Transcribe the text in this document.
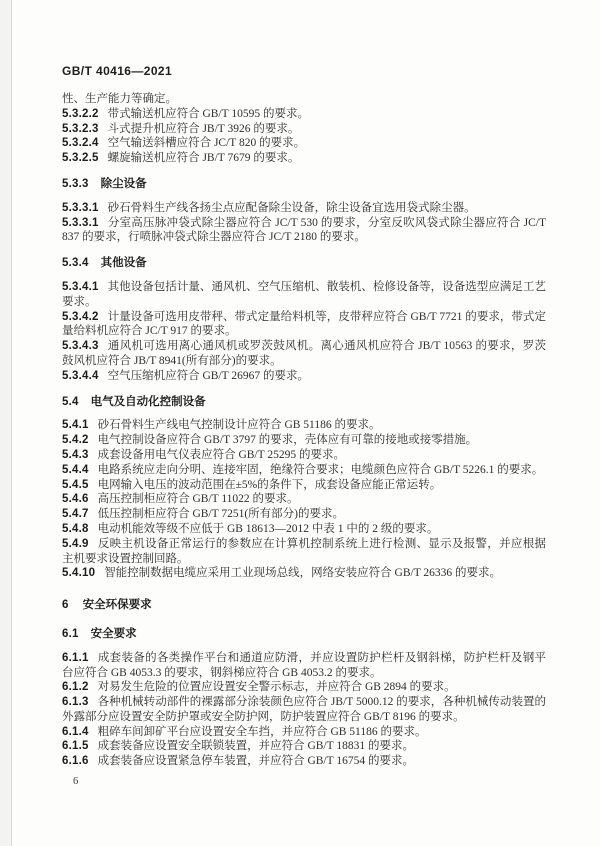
GB/T 40416—2021

性、生产能力等确定。

5.3.2.2 带式输送机应符合 GB/T 10595 的要求。

5.3.2.3 斗式提升机应符合 JB/T 3926 的要求。

5.3.2.4 空气输送斜槽应符合 JC/T 820 的要求。

5.3.2.5 螺旋输送机应符合 JB/T 7679 的要求。

5.3.3 除尘设备

5.3.3.1 砂石骨料生产线各扬尘点应配备除尘设备，除尘设备宜选用袋式除尘器。

5.3.3.1 分室高压脉冲袋式除尘器应符合 JC/T 530 的要求，分室反吹风袋式除尘器应符合 JC/T 837 的要求，行喷脉冲袋式除尘器应符合 JC/T 2180 的要求。

5.3.4 其他设备

5.3.4.1 其他设备包括计量、通风机、空气压缩机、散装机、检修设备等，设备选型应满足工艺要求。

5.3.4.2 计量设备可选用皮带秤、带式定量给料机等，皮带秤应符合 GB/T 7721 的要求，带式定量给料机应符合 JC/T 917 的要求。

5.3.4.3 通风机可选用离心通风机或罗茨鼓风机。离心通风机应符合 JB/T 10563 的要求，罗茨鼓风机应符合 JB/T 8941(所有部分)的要求。

5.3.4.4 空气压缩机应符合 GB/T 26967 的要求。

5.4 电气及自动化控制设备

5.4.1 砂石骨料生产线电气控制设计应符合 GB 51186 的要求。

5.4.2 电气控制设备应符合 GB/T 3797 的要求，壳体应有可靠的接地或接零措施。

5.4.3 成套设备用电气仪表应符合 GB/T 25295 的要求。

5.4.4 电路系统应走向分明、连接牢固，绝缘符合要求；电缆颜色应符合 GB/T 5226.1 的要求。

5.4.5 电网输入电压的波动范围在±5%的条件下，成套设备应能正常运转。

5.4.6 高压控制柜应符合 GB/T 11022 的要求。

5.4.7 低压控制柜应符合 GB/T 7251(所有部分)的要求。

5.4.8 电动机能效等级不应低于 GB 18613—2012 中表 1 中的 2 级的要求。

5.4.9 反映主机设备正常运行的参数应在计算机控制系统上进行检测、显示及报警，并应根据主机要求设置控制回路。

5.4.10 智能控制数据电缆应采用工业现场总线，网络安装应符合 GB/T 26336 的要求。

6 安全环保要求

6.1 安全要求

6.1.1 成套装备的各类操作平台和通道应防滑，并应设置防护栏杆及钢斜梯，防护栏杆及钢平台应符合 GB 4053.3 的要求，钢斜梯应符合 GB 4053.2 的要求。

6.1.2 对易发生危险的位置应设置安全警示标志，并应符合 GB 2894 的要求。

6.1.3 各种机械转动部件的裸露部分涂装颜色应符合 JB/T 5000.12 的要求，各种机械传动装置的外露部分应设置安全防护罩或安全防护网，防护装置应符合 GB/T 8196 的要求。

6.1.4 粗碎车间卸矿平台应设置安全车挡，并应符合 GB 51186 的要求。

6.1.5 成套装备应设置安全联锁装置，并应符合 GB/T 18831 的要求。

6.1.6 成套装备应设置紧急停车装置，并应符合 GB/T 16754 的要求。

6
